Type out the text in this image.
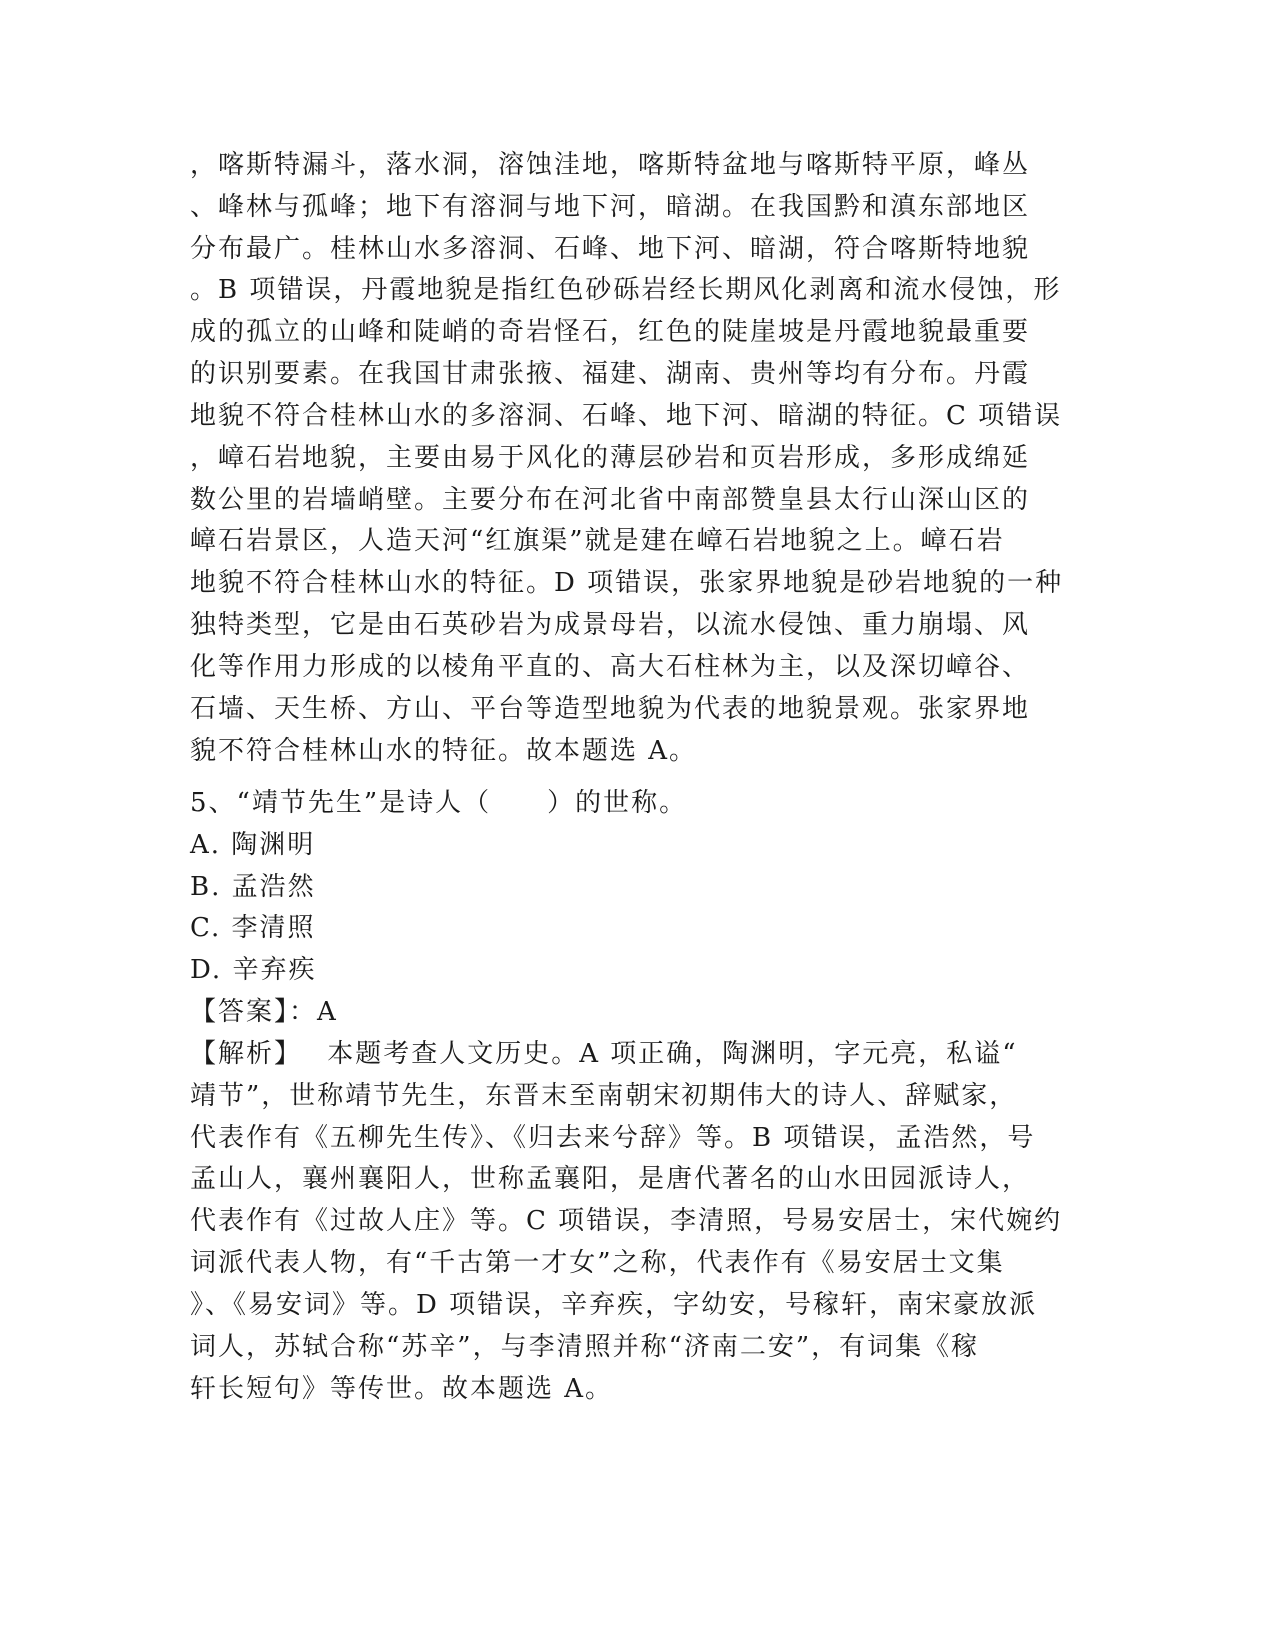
，喀斯特漏斗，落水洞，溶蚀洼地，喀斯特盆地与喀斯特平原，峰丛
、峰林与孤峰；地下有溶洞与地下河，暗湖。在我国黔和滇东部地区
分布最广。桂林山水多溶洞、石峰、地下河、暗湖，符合喀斯特地貌
。B 项错误，丹霞地貌是指红色砂砾岩经长期风化剥离和流水侵蚀，形
成的孤立的山峰和陡峭的奇岩怪石，红色的陡崖坡是丹霞地貌最重要
的识别要素。在我国甘肃张掖、福建、湖南、贵州等均有分布。丹霞
地貌不符合桂林山水的多溶洞、石峰、地下河、暗湖的特征。C 项错误
，嶂石岩地貌，主要由易于风化的薄层砂岩和页岩形成，多形成绵延
数公里的岩墙峭壁。主要分布在河北省中南部赞皇县太行山深山区的
嶂石岩景区，人造天河“红旗渠”就是建在嶂石岩地貌之上。嶂石岩
地貌不符合桂林山水的特征。D 项错误，张家界地貌是砂岩地貌的一种
独特类型，它是由石英砂岩为成景母岩，以流水侵蚀、重力崩塌、风
化等作用力形成的以棱角平直的、高大石柱林为主，以及深切嶂谷、
石墙、天生桥、方山、平台等造型地貌为代表的地貌景观。张家界地
貌不符合桂林山水的特征。故本题选 A。
5、“靖节先生”是诗人（　　）的世称。
A. 陶渊明
B. 孟浩然
C. 李清照
D. 辛弃疾
【答案】：A
【解析】　 本题考查人文历史。A 项正确，陶渊明，字元亮，私谥“
靖节”，世称靖节先生，东晋末至南朝宋初期伟大的诗人、辞赋家，
代表作有《五柳先生传》、《归去来兮辞》等。B 项错误，孟浩然，号
孟山人，襄州襄阳人，世称孟襄阳，是唐代著名的山水田园派诗人，
代表作有《过故人庄》等。C 项错误，李清照，号易安居士，宋代婉约
词派代表人物，有“千古第一才女”之称，代表作有《易安居士文集
》、《易安词》等。D 项错误，辛弃疾，字幼安，号稼轩，南宋豪放派
词人，苏轼合称“苏辛”，与李清照并称“济南二安”，有词集《稼
轩长短句》等传世。故本题选 A。
